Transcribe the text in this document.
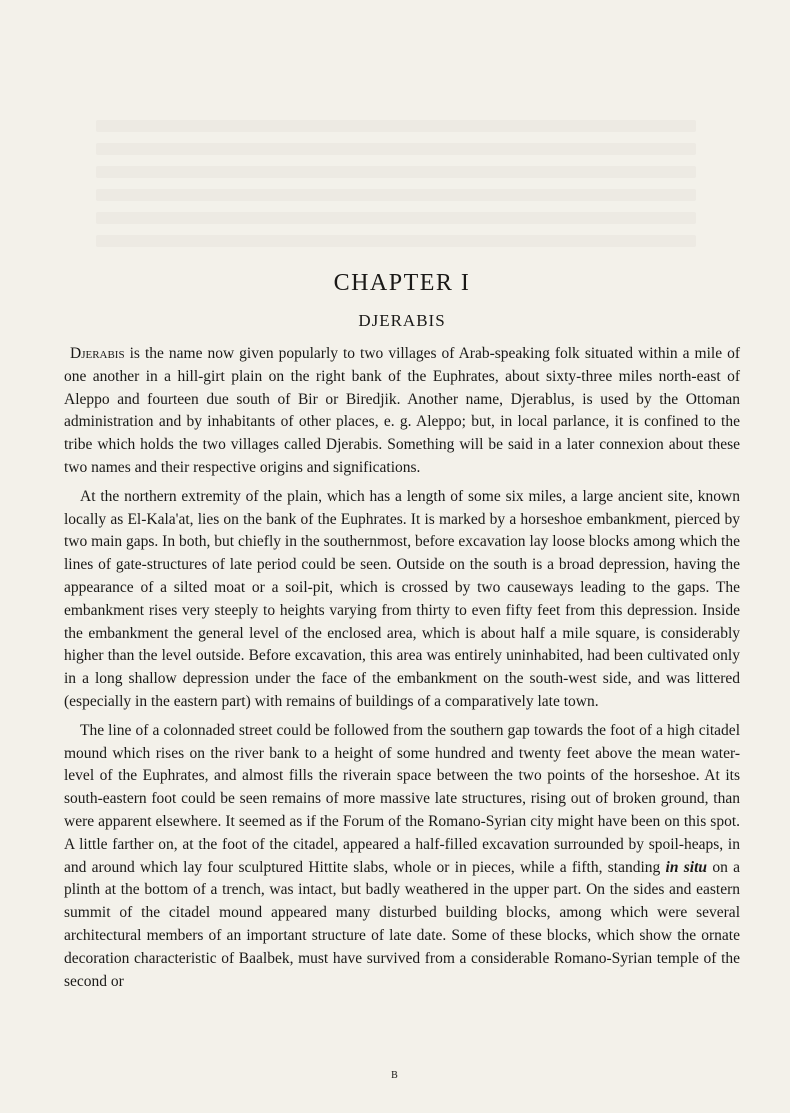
CHAPTER I
DJERABIS

Djerabis is the name now given popularly to two villages of Arab-speaking folk situated within a mile of one another in a hill-girt plain on the right bank of the Euphrates, about sixty-three miles north-east of Aleppo and fourteen due south of Bir or Biredjik. Another name, Djerablus, is used by the Ottoman administration and by inhabitants of other places, e. g. Aleppo; but, in local parlance, it is confined to the tribe which holds the two villages called Djerabis. Something will be said in a later connexion about these two names and their respective origins and significations.

At the northern extremity of the plain, which has a length of some six miles, a large ancient site, known locally as El-Kala'at, lies on the bank of the Euphrates. It is marked by a horseshoe embankment, pierced by two main gaps. In both, but chiefly in the southernmost, before excavation lay loose blocks among which the lines of gate-structures of late period could be seen. Outside on the south is a broad depression, having the appearance of a silted moat or a soil-pit, which is crossed by two causeways leading to the gaps. The embankment rises very steeply to heights varying from thirty to even fifty feet from this depression. Inside the embankment the general level of the enclosed area, which is about half a mile square, is considerably higher than the level outside. Before excavation, this area was entirely uninhabited, had been cultivated only in a long shallow depression under the face of the embankment on the south-west side, and was littered (especially in the eastern part) with remains of buildings of a comparatively late town.

The line of a colonnaded street could be followed from the southern gap towards the foot of a high citadel mound which rises on the river bank to a height of some hundred and twenty feet above the mean water-level of the Euphrates, and almost fills the riverain space between the two points of the horseshoe. At its south-eastern foot could be seen remains of more massive late structures, rising out of broken ground, than were apparent elsewhere. It seemed as if the Forum of the Romano-Syrian city might have been on this spot. A little farther on, at the foot of the citadel, appeared a half-filled excavation surrounded by spoil-heaps, in and around which lay four sculptured Hittite slabs, whole or in pieces, while a fifth, standing in situ on a plinth at the bottom of a trench, was intact, but badly weathered in the upper part. On the sides and eastern summit of the citadel mound appeared many disturbed building blocks, among which were several architectural members of an important structure of late date. Some of these blocks, which show the ornate decoration characteristic of Baalbek, must have survived from a considerable Romano-Syrian temple of the second or

B
